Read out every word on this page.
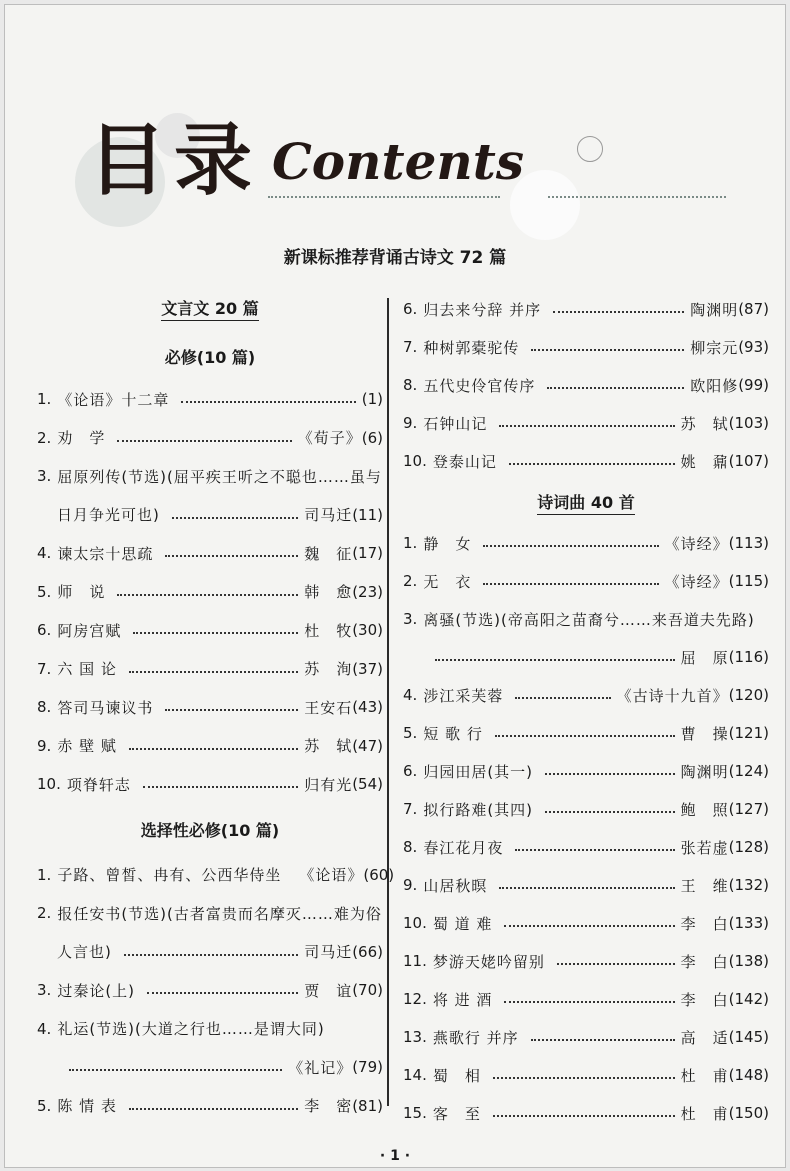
目录 Contents
新课标推荐背诵古诗文 72 篇
文言文 20 篇
必修(10 篇)
1. 《论语》十二章	(1)
2. 劝　学	《荀子》 (6)
3. 屈原列传(节选)(屈平疾王听之不聪也……虽与
日月争光可也)	司马迁 (11)
4. 谏太宗十思疏	魏　征 (17)
5. 师　说	韩　愈 (23)
6. 阿房宫赋	杜　牧 (30)
7. 六 国 论	苏　洵 (37)
8. 答司马谏议书	王安石 (43)
9. 赤 壁 赋	苏　轼 (47)
10. 项脊轩志	归有光 (54)
选择性必修(10 篇)
1. 子路、曾皙、冉有、公西华侍坐 《论语》 (60)
2. 报任安书(节选)(古者富贵而名摩灭……难为俗
人言也)	司马迁 (66)
3. 过秦论(上)	贾　谊 (70)
4. 礼运(节选)(大道之行也……是谓大同)
《礼记》 (79)
5. 陈 情 表	李　密 (81)
6. 归去来兮辞 并序	陶渊明 (87)
7. 种树郭橐驼传	柳宗元 (93)
8. 五代史伶官传序	欧阳修 (99)
9. 石钟山记	苏　轼 (103)
10. 登泰山记	姚　鼐 (107)
诗词曲 40 首
1. 静　女	《诗经》 (113)
2. 无　衣	《诗经》 (115)
3. 离骚(节选)(帝高阳之苗裔兮……来吾道夫先路)
屈　原 (116)
4. 涉江采芙蓉	《古诗十九首》 (120)
5. 短 歌 行	曹　操 (121)
6. 归园田居(其一)	陶渊明 (124)
7. 拟行路难(其四)	鲍　照 (127)
8. 春江花月夜	张若虚 (128)
9. 山居秋暝	王　维 (132)
10. 蜀 道 难	李　白 (133)
11. 梦游天姥吟留别	李　白 (138)
12. 将 进 酒	李　白 (142)
13. 燕歌行 并序	高　适 (145)
14. 蜀　相	杜　甫 (148)
15. 客　至	杜　甫 (150)
· 1 ·
